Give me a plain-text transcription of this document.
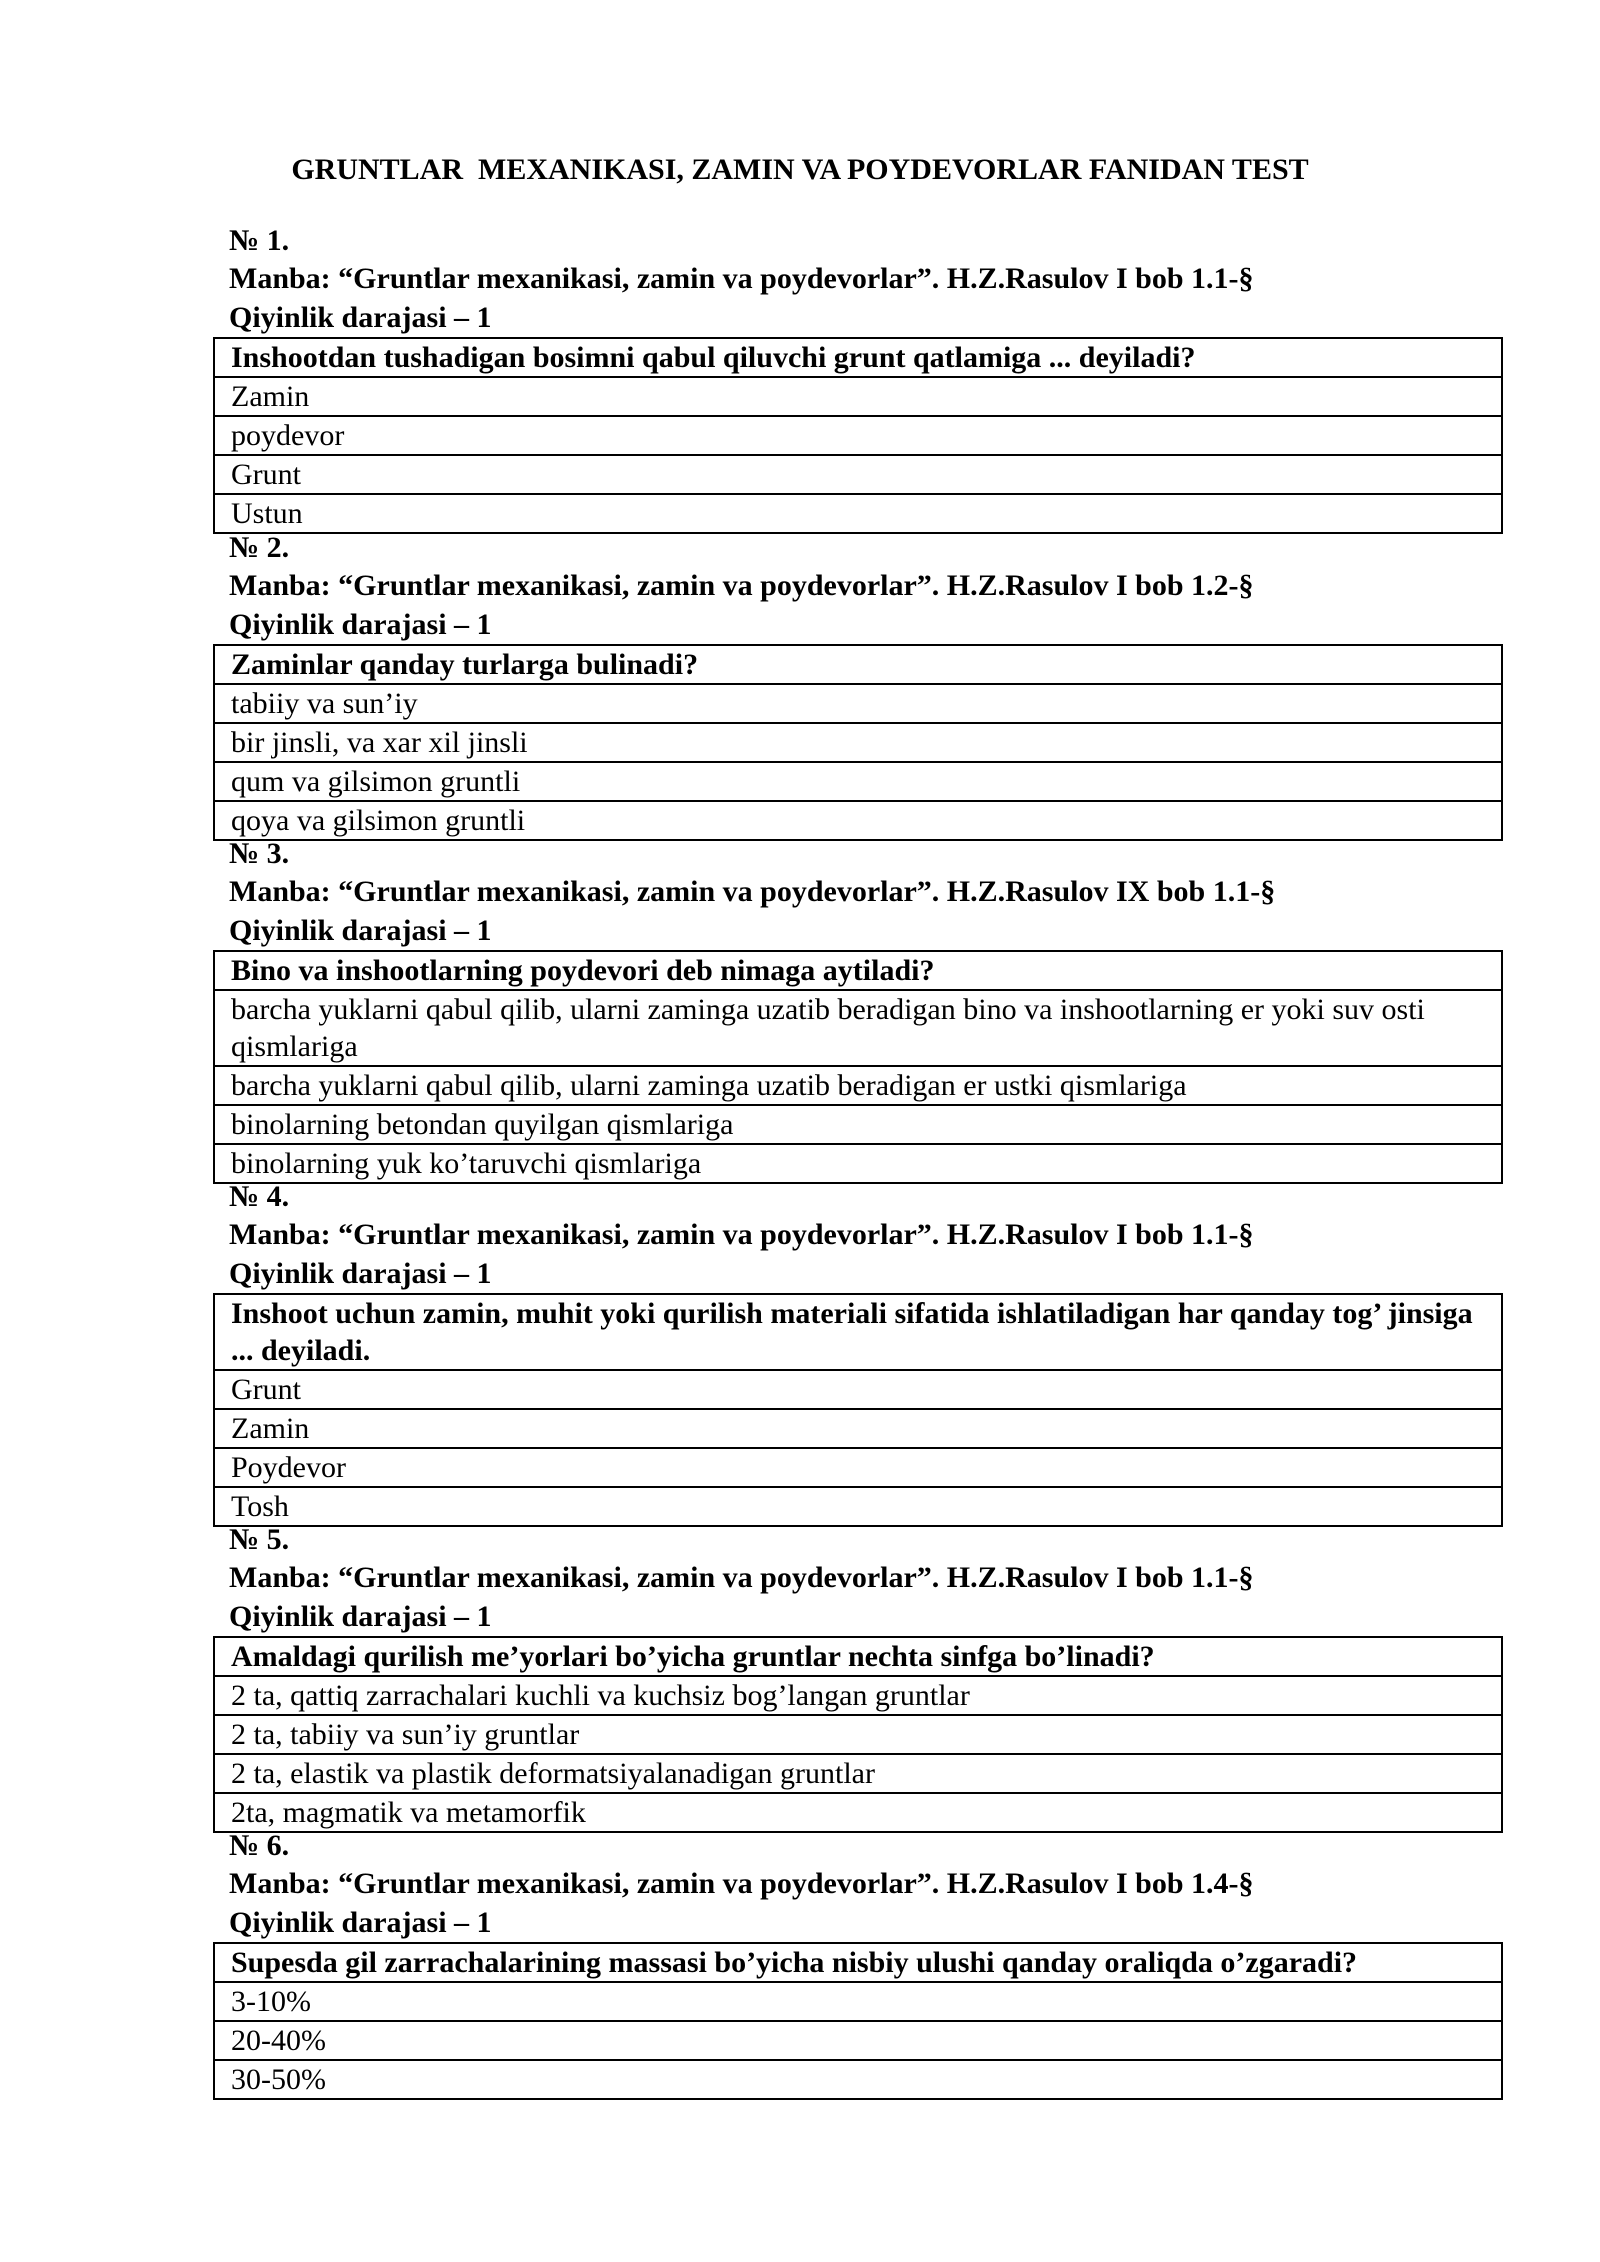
GRUNTLAR  MEXANIKASI, ZAMIN VA POYDEVORLAR FANIDAN TEST
№ 1.
Manba: “Gruntlar mexanikasi, zamin va poydevorlar”. H.Z.Rasulov I bob 1.1-§
Qiyinlik darajasi – 1
Inshootdan tushadigan bosimni qabul qiluvchi grunt qatlamiga ... deyiladi?
Zamin
poydevor
Grunt
Ustun
№ 2.
Manba: “Gruntlar mexanikasi, zamin va poydevorlar”. H.Z.Rasulov I bob 1.2-§
Qiyinlik darajasi – 1
Zaminlar qanday turlarga bulinadi?
tabiiy va sun’iy
bir jinsli, va xar xil jinsli
qum va gilsimon gruntli
qoya va gilsimon gruntli
№ 3.
Manba: “Gruntlar mexanikasi, zamin va poydevorlar”. H.Z.Rasulov IX bob 1.1-§
Qiyinlik darajasi – 1
Bino va inshootlarning poydevori deb nimaga aytiladi?
barcha yuklarni qabul qilib, ularni zaminga uzatib beradigan bino va inshootlarning er yoki suv osti qismlariga
barcha yuklarni qabul qilib, ularni zaminga uzatib beradigan er ustki qismlariga
binolarning betondan quyilgan qismlariga
binolarning yuk ko’taruvchi qismlariga
№ 4.
Manba: “Gruntlar mexanikasi, zamin va poydevorlar”. H.Z.Rasulov I bob 1.1-§
Qiyinlik darajasi – 1
Inshoot uchun zamin, muhit yoki qurilish materiali sifatida ishlatiladigan har qanday tog’ jinsiga ... deyiladi.
Grunt
Zamin
Poydevor
Tosh
№ 5.
Manba: “Gruntlar mexanikasi, zamin va poydevorlar”. H.Z.Rasulov I bob 1.1-§
Qiyinlik darajasi – 1
Amaldagi qurilish me’yorlari bo’yicha gruntlar nechta sinfga bo’linadi?
2 ta, qattiq zarrachalari kuchli va kuchsiz bog’langan gruntlar
2 ta, tabiiy va sun’iy gruntlar
2 ta, elastik va plastik deformatsiyalanadigan gruntlar
2ta, magmatik va metamorfik
№ 6.
Manba: “Gruntlar mexanikasi, zamin va poydevorlar”. H.Z.Rasulov I bob 1.4-§
Qiyinlik darajasi – 1
Supesda gil zarrachalarining massasi bo’yicha nisbiy ulushi qanday oraliqda o’zgaradi?
3-10%
20-40%
30-50%
